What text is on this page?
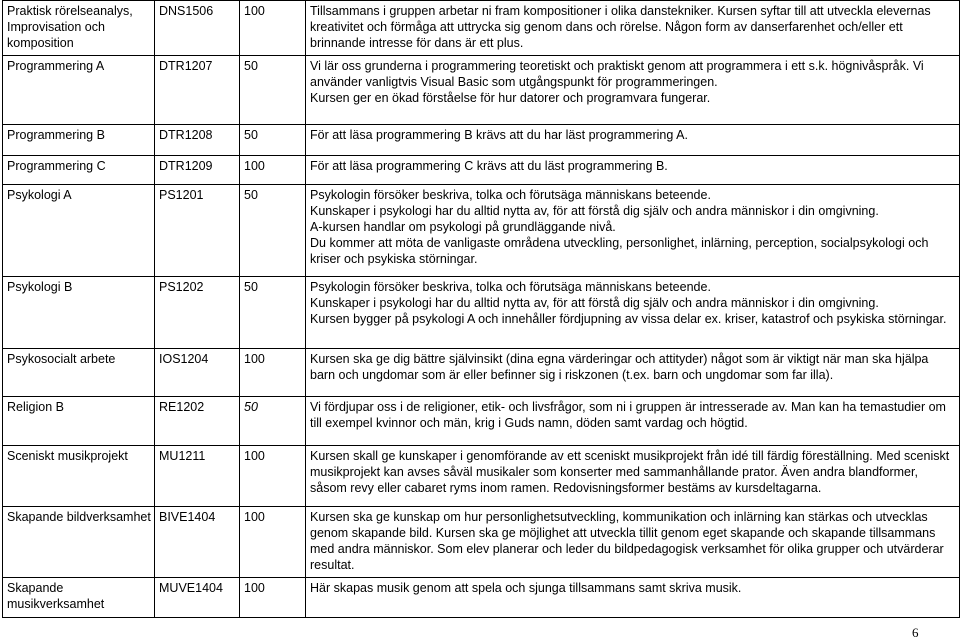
Praktisk rörelseanalys, Improvisation och komposition	DNS1506	100	Tillsammans i gruppen arbetar ni fram kompositioner i olika danstekniker. Kursen syftar till att utveckla elevernas kreativitet och förmåga att uttrycka sig genom dans och rörelse. Någon form av danserfarenhet och/eller ett brinnande intresse för dans är ett plus.

Programmering A	DTR1207	50	Vi lär oss grunderna i programmering teoretiskt och praktiskt genom att programmera i ett s.k. högnivåspråk. Vi använder vanligtvis Visual Basic som utgångspunkt för programmeringen.
Kursen ger en ökad förståelse för hur datorer och programvara fungerar.

Programmering B	DTR1208	50	För att läsa programmering B krävs att du har läst programmering A.

Programmering C	DTR1209	100	För att läsa programmering C krävs att du läst programmering B.

Psykologi A	PS1201	50	Psykologin försöker beskriva, tolka och förutsäga människans beteende.
Kunskaper i psykologi har du alltid nytta av, för att förstå dig själv och andra människor i din omgivning.
A-kursen handlar om psykologi på grundläggande nivå.
Du kommer att möta de vanligaste områdena utveckling, personlighet, inlärning, perception, socialpsykologi och kriser och psykiska störningar.

Psykologi B	PS1202	50	Psykologin försöker beskriva, tolka och förutsäga människans beteende.
Kunskaper i psykologi har du alltid nytta av, för att förstå dig själv och andra människor i din omgivning.
Kursen bygger på psykologi A och innehåller fördjupning av vissa delar ex. kriser, katastrof och psykiska störningar.

Psykosocialt arbete	IOS1204	100	Kursen ska ge dig bättre självinsikt (dina egna värderingar och attityder) något som är viktigt när man ska hjälpa barn och ungdomar som är eller befinner sig i riskzonen (t.ex. barn och ungdomar som far illa).

Religion B	RE1202	50	Vi fördjupar oss i de religioner, etik- och livsfrågor, som ni i gruppen är intresserade av. Man kan ha temastudier om till exempel kvinnor och män, krig i Guds namn, döden samt vardag och högtid.

Sceniskt musikprojekt	MU1211	100	Kursen skall ge kunskaper i genomförande av ett sceniskt musikprojekt från idé till färdig föreställning. Med sceniskt musikprojekt kan avses såväl musikaler som konserter med sammanhållande prator. Även andra blandformer, såsom revy eller cabaret ryms inom ramen. Redovisningsformer bestäms av kursdeltagarna.

Skapande bildverksamhet	BIVE1404	100	Kursen ska ge kunskap om hur personlighetsutveckling, kommunikation och inlärning kan stärkas och utvecklas genom skapande bild. Kursen ska ge möjlighet att utveckla tillit genom eget skapande och skapande tillsammans med andra människor. Som elev planerar och leder du bildpedagogisk verksamhet för olika grupper och utvärderar resultat.

Skapande musikverksamhet	MUVE1404	100	Här skapas musik genom att spela och sjunga tillsammans samt skriva musik.
6
